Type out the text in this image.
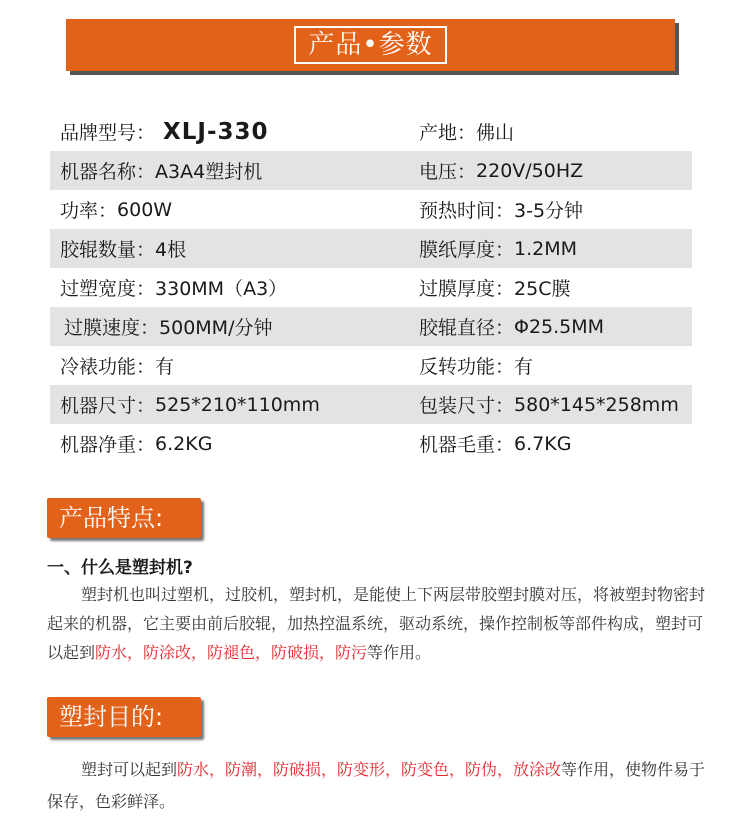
产品•参数
品牌型号： XLJ-330	产地： 佛山
机器名称： A3A4塑封机	电压： 220V/50HZ
功率： 600W	预热时间： 3-5分钟
胶辊数量： 4根	膜纸厚度： 1.2MM
过塑宽度： 330MM（A3）	过膜厚度： 25C膜
过膜速度： 500MM/分钟	胶辊直径： Φ25.5MM
冷裱功能： 有	反转功能： 有
机器尺寸： 525*210*110mm	包装尺寸： 580*145*258mm
机器净重： 6.2KG	机器毛重： 6.7KG
产品特点:
一、什么是塑封机?

塑封机也叫过塑机，过胶机，塑封机，是能使上下两层带胶塑封膜对压，将被塑封物密封起来的机器，它主要由前后胶辊，加热控温系统，驱动系统，操作控制板等部件构成，塑封可以起到防水，防涂改，防褪色，防破损，防污等作用。

塑封目的:

塑封可以起到防水，防潮，防破损，防变形，防变色，防伪，放涂改等作用，使物件易于保存，色彩鲜泽。
